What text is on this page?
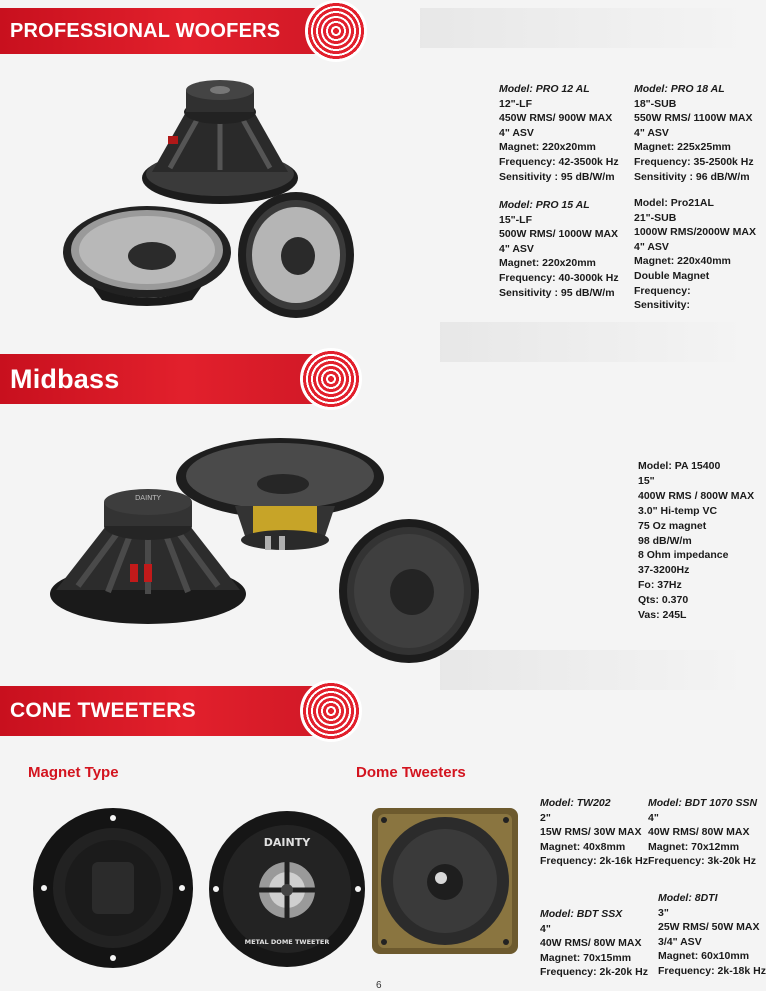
PROFESSIONAL WOOFERS
Model: PRO 12 AL
12"-LF
450W RMS/ 900W MAX
4" ASV
Magnet: 220x20mm
Frequency: 42-3500k Hz
Sensitivity : 95 dB/W/m
Model: PRO 18 AL
18"-SUB
550W RMS/ 1100W MAX
4" ASV
Magnet: 225x25mm
Frequency: 35-2500k Hz
Sensitivity : 96 dB/W/m
Model: PRO 15 AL
15"-LF
500W RMS/ 1000W MAX
4" ASV
Magnet: 220x20mm
Frequency: 40-3000k Hz
Sensitivity : 95 dB/W/m
Model: Pro21AL
21"-SUB
1000W RMS/2000W MAX
4" ASV
Magnet: 220x40mm
Double Magnet
Frequency:
Sensitivity:
Midbass
DAINTY
Model: PA 15400
15"
400W RMS / 800W MAX
3.0" Hi-temp VC
75 Oz magnet
98 dB/W/m
8 Ohm impedance
37-3200Hz
Fo: 37Hz
Qts: 0.370
Vas: 245L
CONE TWEETERS
Magnet Type	Dome Tweeters
DAINTY
METAL DOME TWEETER
Model: TW202
2"
15W RMS/ 30W MAX
Magnet: 40x8mm
Frequency: 2k-16k Hz
Model: BDT 1070 SSN
4"
40W RMS/ 80W MAX
Magnet: 70x12mm
Frequency: 3k-20k Hz
Model: BDT SSX
4"
40W RMS/ 80W MAX
Magnet: 70x15mm
Frequency: 2k-20k Hz
Model: 8DTI
3"
25W RMS/ 50W MAX
3/4" ASV
Magnet: 60x10mm
Frequency: 2k-18k Hz
6
